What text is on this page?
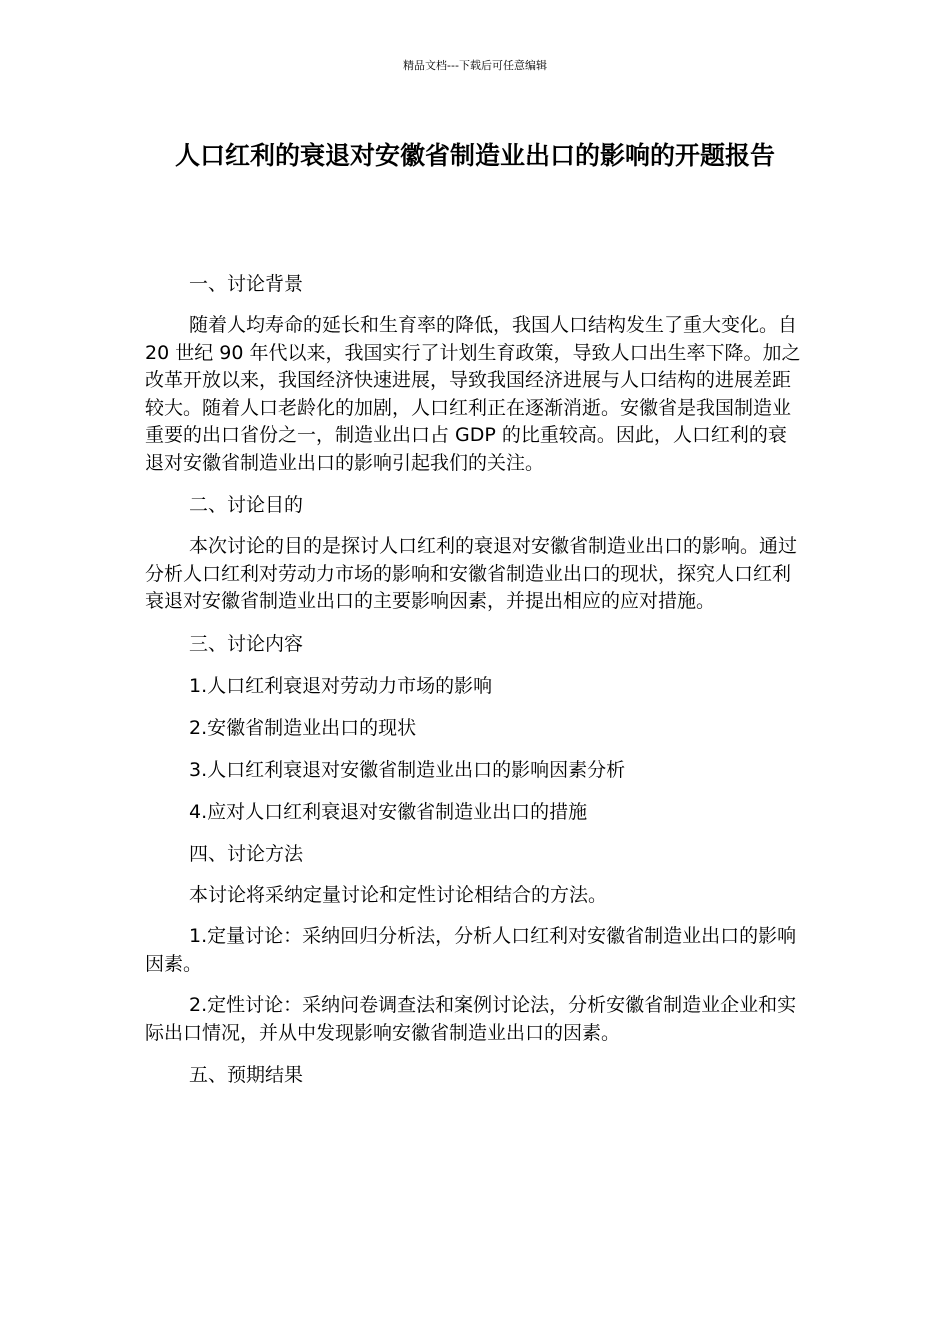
精品文档---下载后可任意编辑
人口红利的衰退对安徽省制造业出口的影响的开题报告

一、讨论背景

随着人均寿命的延长和生育率的降低，我国人口结构发生了重大变化。自 20 世纪 90 年代以来，我国实行了计划生育政策，导致人口出生率下降。加之改革开放以来，我国经济快速进展，导致我国经济进展与人口结构的进展差距较大。随着人口老龄化的加剧，人口红利正在逐渐消逝。安徽省是我国制造业重要的出口省份之一，制造业出口占 GDP 的比重较高。因此，人口红利的衰退对安徽省制造业出口的影响引起我们的关注。

二、讨论目的

本次讨论的目的是探讨人口红利的衰退对安徽省制造业出口的影响。通过分析人口红利对劳动力市场的影响和安徽省制造业出口的现状，探究人口红利衰退对安徽省制造业出口的主要影响因素，并提出相应的应对措施。

三、讨论内容

1.人口红利衰退对劳动力市场的影响

2.安徽省制造业出口的现状

3.人口红利衰退对安徽省制造业出口的影响因素分析

4.应对人口红利衰退对安徽省制造业出口的措施

四、讨论方法

本讨论将采纳定量讨论和定性讨论相结合的方法。

1.定量讨论：采纳回归分析法，分析人口红利对安徽省制造业出口的影响因素。

2.定性讨论：采纳问卷调查法和案例讨论法，分析安徽省制造业企业和实际出口情况，并从中发现影响安徽省制造业出口的因素。

五、预期结果
